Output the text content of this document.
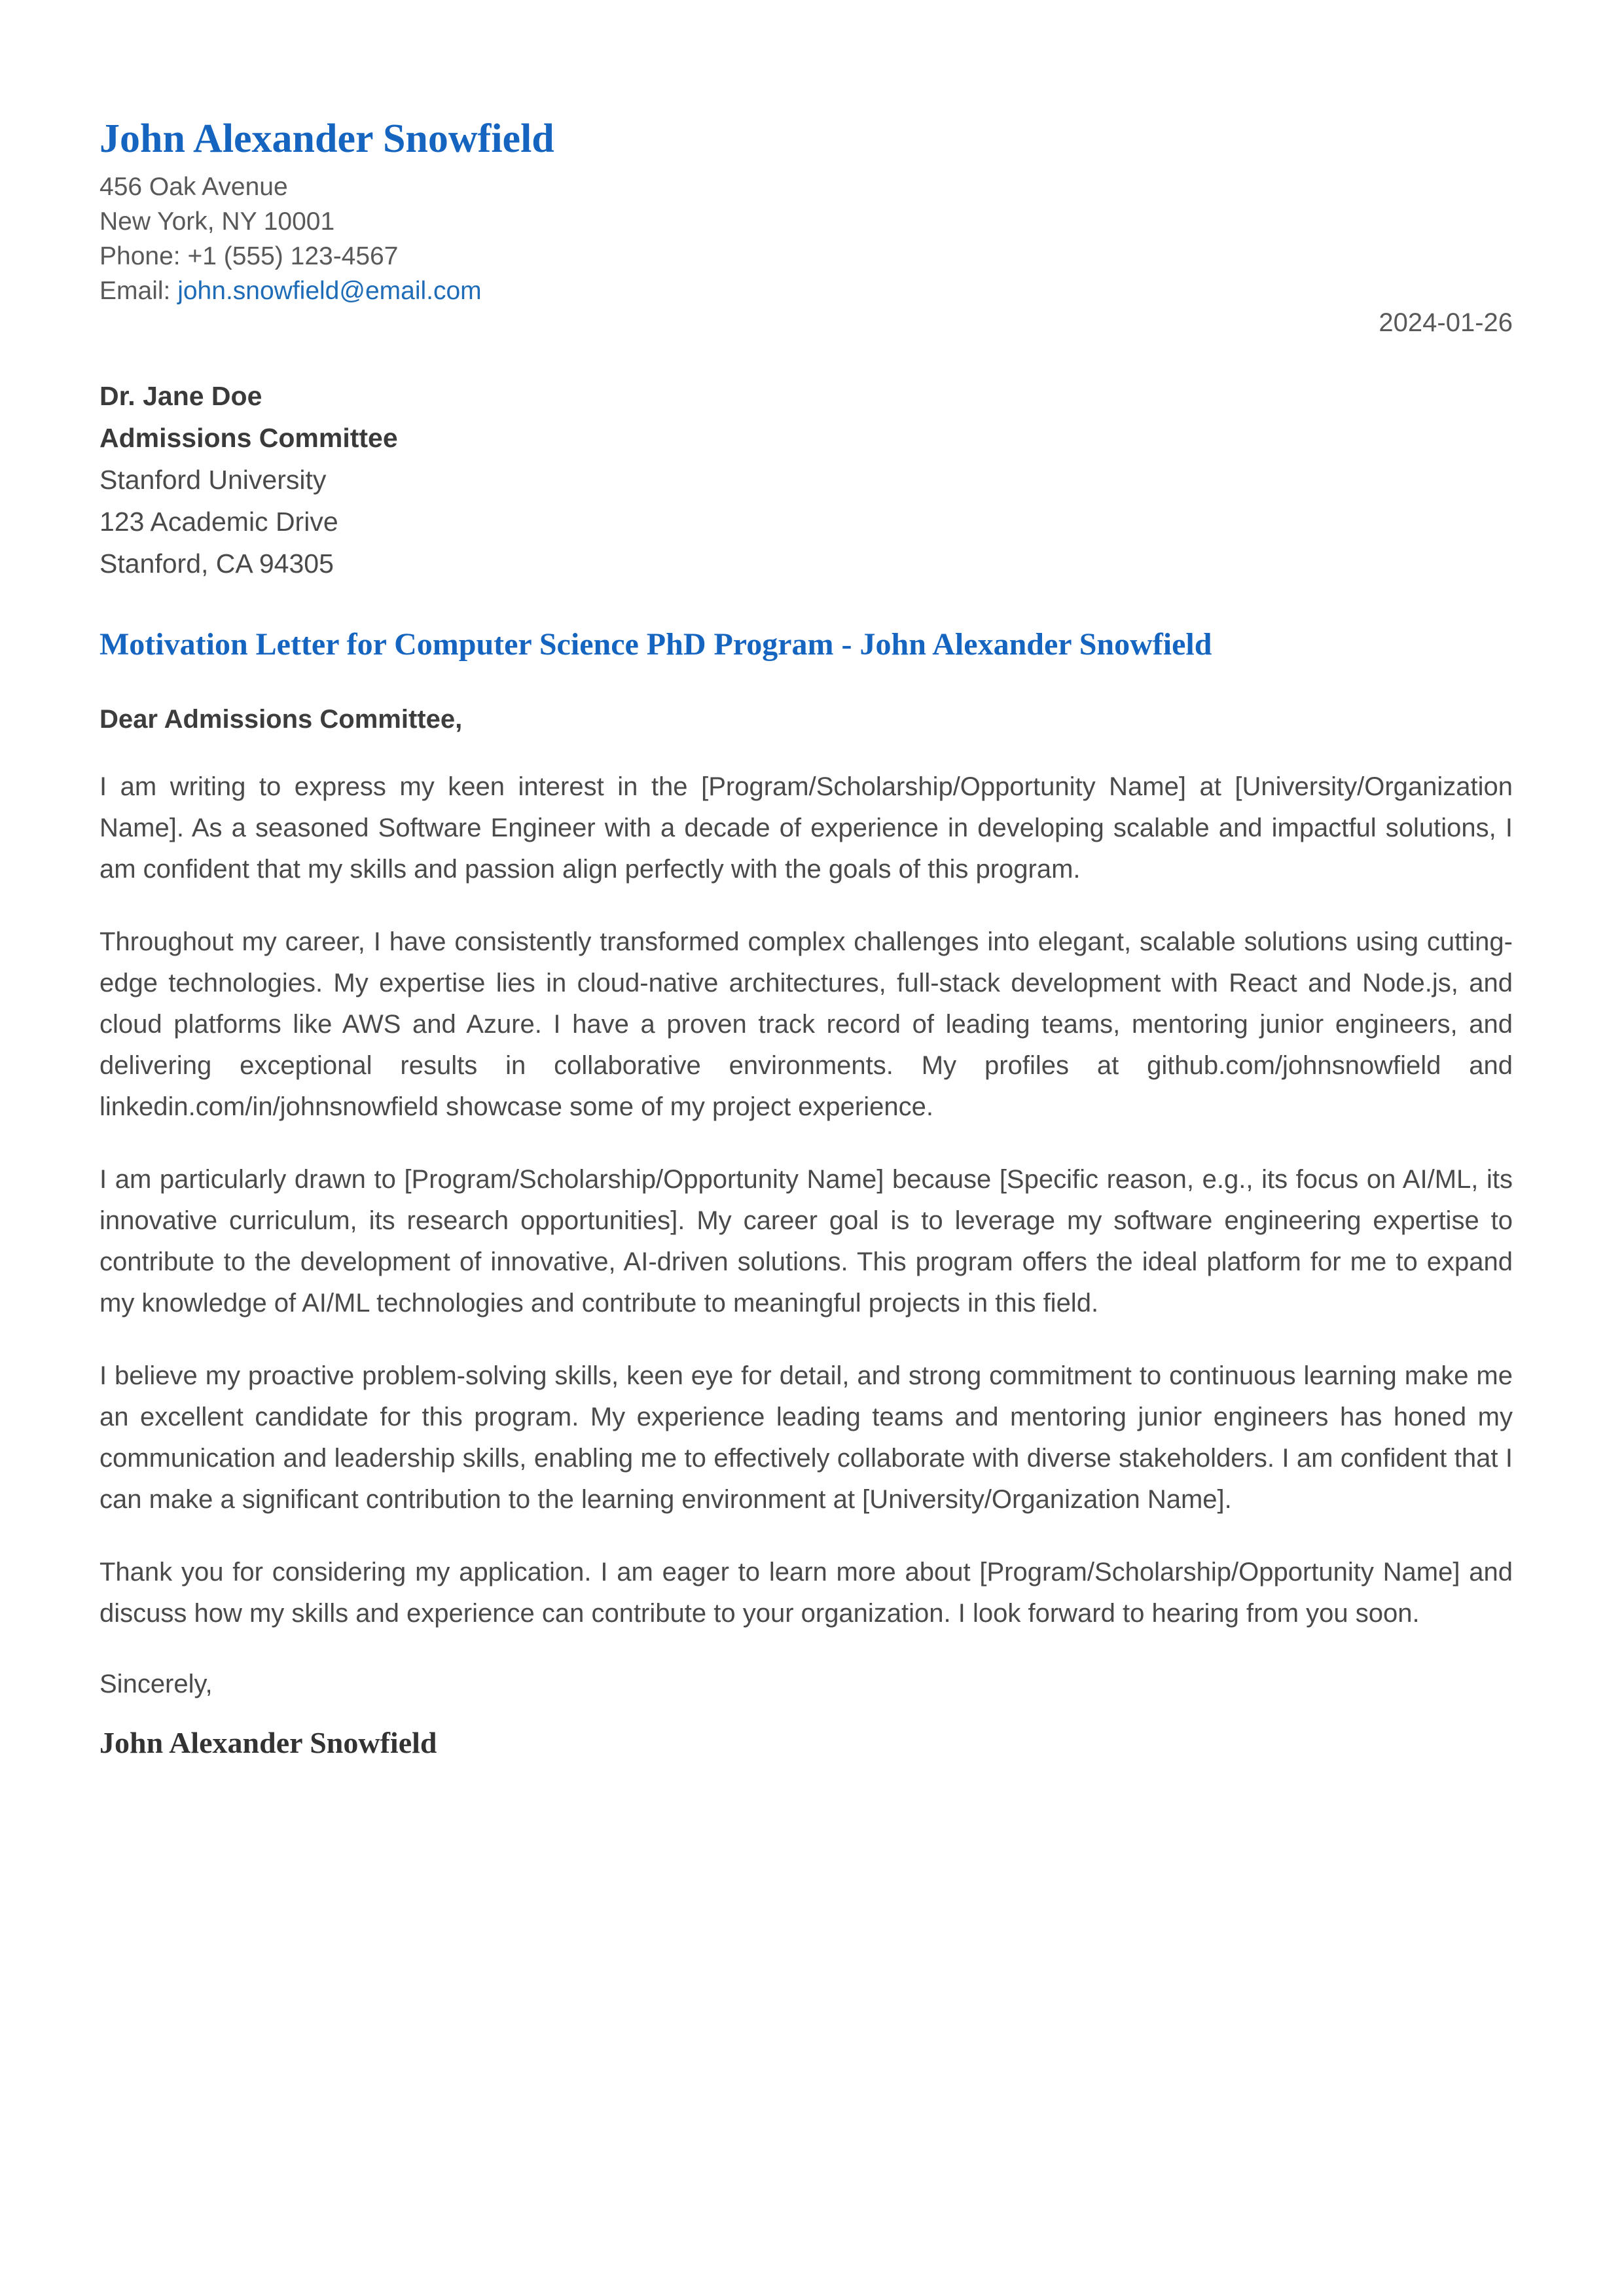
John Alexander Snowfield
456 Oak Avenue
New York, NY 10001
Phone: +1 (555) 123-4567
Email: john.snowfield@email.com
2024-01-26
Dr. Jane Doe
Admissions Committee
Stanford University
123 Academic Drive
Stanford, CA 94305
Motivation Letter for Computer Science PhD Program - John Alexander Snowfield
Dear Admissions Committee,

I am writing to express my keen interest in the [Program/Scholarship/Opportunity Name] at [University/Organization Name]. As a seasoned Software Engineer with a decade of experience in developing scalable and impactful solutions, I am confident that my skills and passion align perfectly with the goals of this program.

Throughout my career, I have consistently transformed complex challenges into elegant, scalable solutions using cutting-edge technologies. My expertise lies in cloud-native architectures, full-stack development with React and Node.js, and cloud platforms like AWS and Azure. I have a proven track record of leading teams, mentoring junior engineers, and delivering exceptional results in collaborative environments. My profiles at github.com/johnsnowfield and linkedin.com/in/johnsnowfield showcase some of my project experience.

I am particularly drawn to [Program/Scholarship/Opportunity Name] because [Specific reason, e.g., its focus on AI/ML, its innovative curriculum, its research opportunities]. My career goal is to leverage my software engineering expertise to contribute to the development of innovative, AI-driven solutions. This program offers the ideal platform for me to expand my knowledge of AI/ML technologies and contribute to meaningful projects in this field.

I believe my proactive problem-solving skills, keen eye for detail, and strong commitment to continuous learning make me an excellent candidate for this program. My experience leading teams and mentoring junior engineers has honed my communication and leadership skills, enabling me to effectively collaborate with diverse stakeholders. I am confident that I can make a significant contribution to the learning environment at [University/Organization Name].

Thank you for considering my application. I am eager to learn more about [Program/Scholarship/Opportunity Name] and discuss how my skills and experience can contribute to your organization. I look forward to hearing from you soon.

Sincerely,
John Alexander Snowfield
